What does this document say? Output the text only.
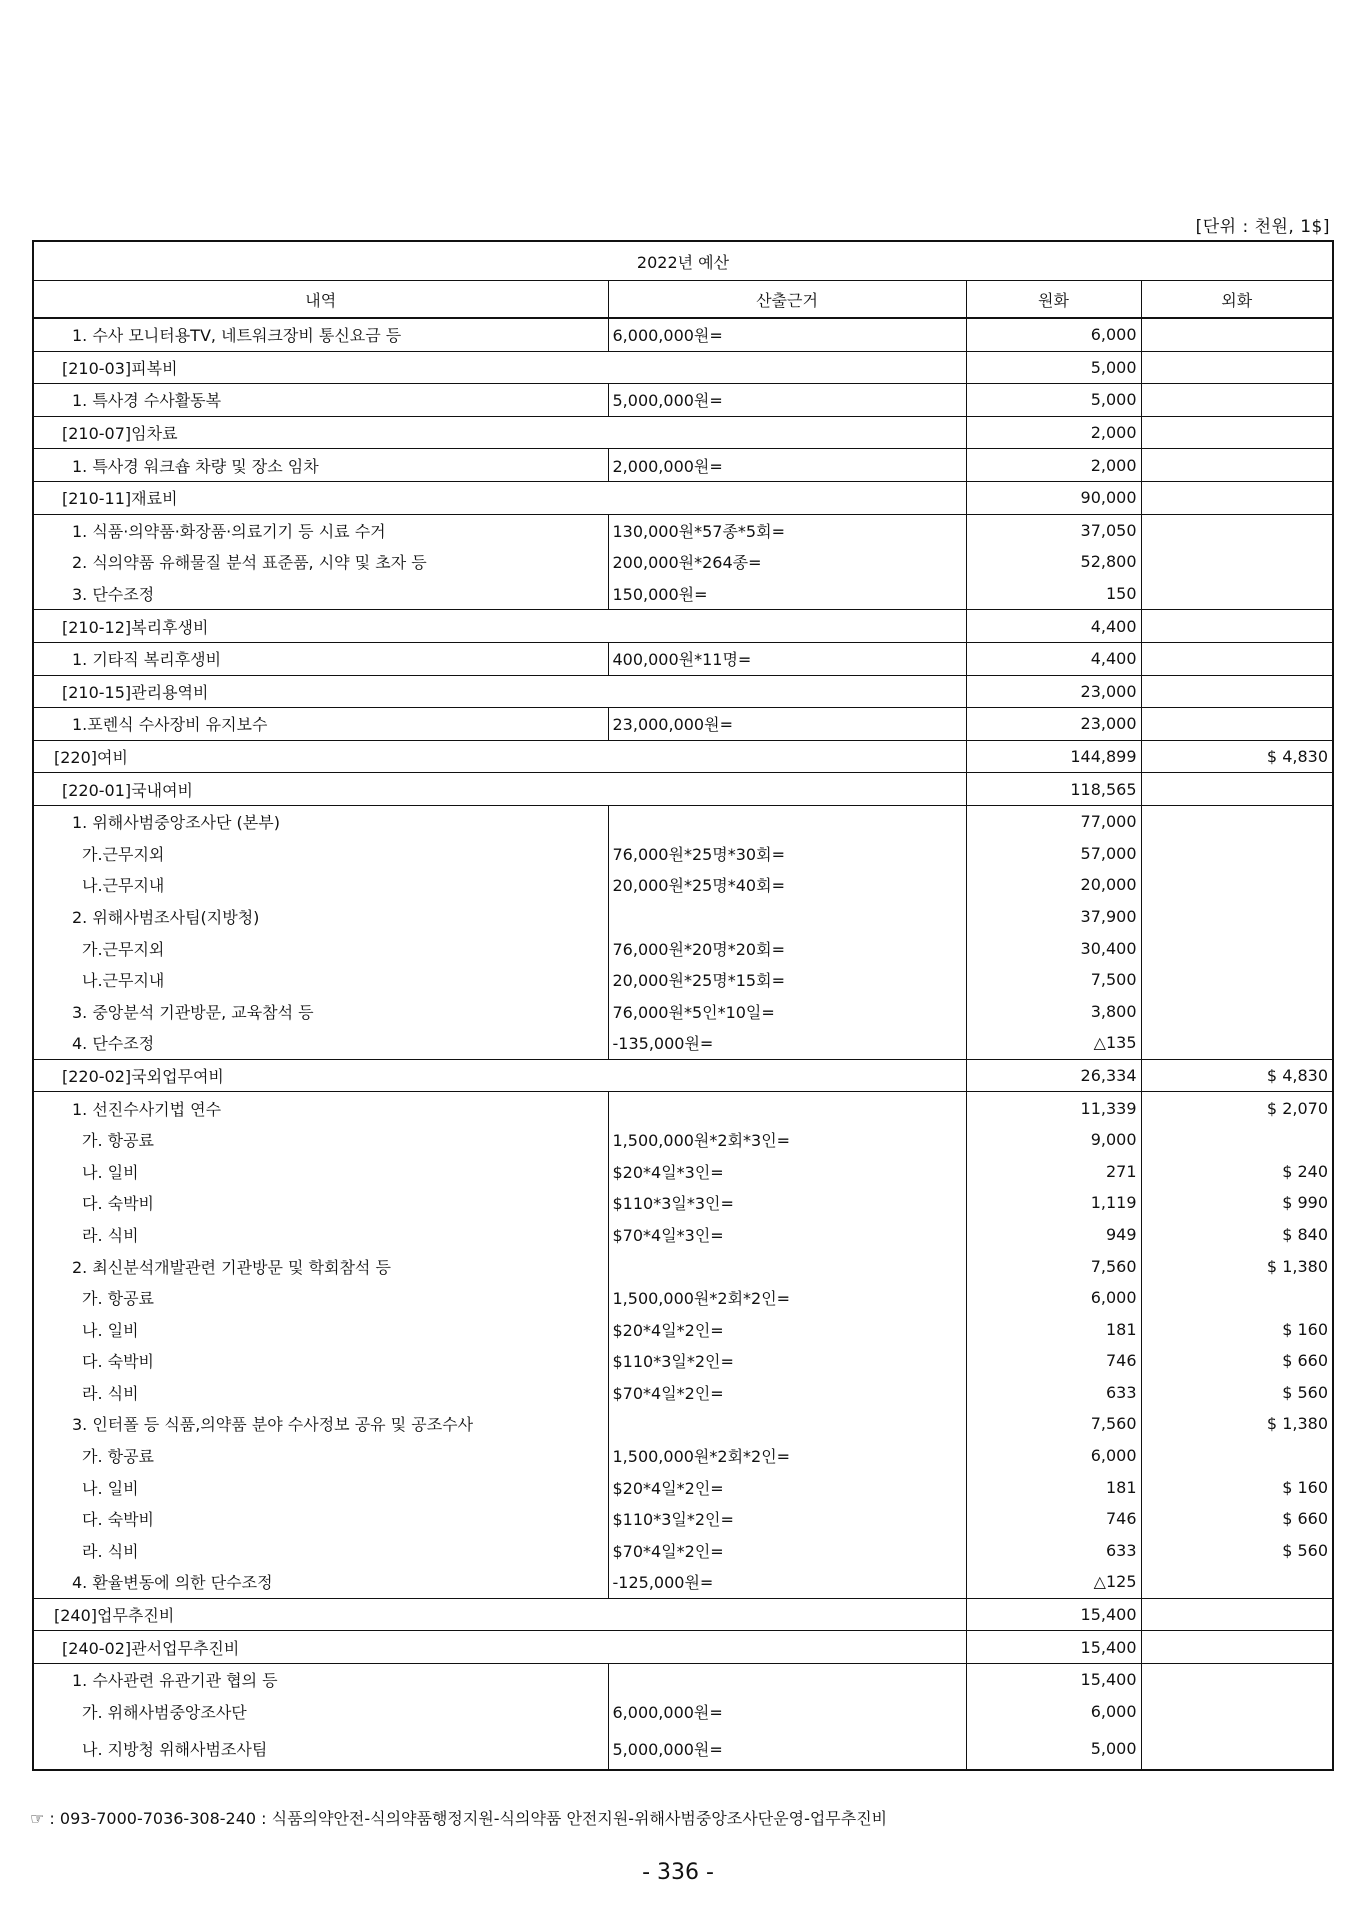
[단위 : 천원, 1$]
2022년 예산			
내역	산출근거	원화	외화
1. 수사 모니터용TV, 네트워크장비 통신요금 등	6,000,000원=	6,000	
[210-03]피복비		5,000	
1. 특사경 수사활동복	5,000,000원=	5,000	
[210-07]임차료		2,000	
1. 특사경 워크숍 차량 및 장소 임차	2,000,000원=	2,000	
[210-11]재료비		90,000	
1. 식품·의약품·화장품·의료기기 등 시료 수거	130,000원*57종*5회=	37,050	
2. 식의약품 유해물질 분석 표준품, 시약 및 초자 등	200,000원*264종=	52,800	
3. 단수조정	150,000원=	150	
[210-12]복리후생비		4,400	
1. 기타직 복리후생비	400,000원*11명=	4,400	
[210-15]관리용역비		23,000	
1.포렌식 수사장비 유지보수	23,000,000원=	23,000	
[220]여비		144,899	$ 4,830
[220-01]국내여비		118,565	
1. 위해사범중앙조사단 (본부)		77,000	
가.근무지외	76,000원*25명*30회=	57,000	
나.근무지내	20,000원*25명*40회=	20,000	
2. 위해사범조사팀(지방청)		37,900	
가.근무지외	76,000원*20명*20회=	30,400	
나.근무지내	20,000원*25명*15회=	7,500	
3. 중앙분석 기관방문, 교육참석 등	76,000원*5인*10일=	3,800	
4. 단수조정	-135,000원=	△135	
[220-02]국외업무여비		26,334	$ 4,830
1. 선진수사기법 연수		11,339	$ 2,070
가. 항공료	1,500,000원*2회*3인=	9,000	
나. 일비	$20*4일*3인=	271	$ 240
다. 숙박비	$110*3일*3인=	1,119	$ 990
라. 식비	$70*4일*3인=	949	$ 840
2. 최신분석개발관련 기관방문 및 학회참석 등		7,560	$ 1,380
가. 항공료	1,500,000원*2회*2인=	6,000	
나. 일비	$20*4일*2인=	181	$ 160
다. 숙박비	$110*3일*2인=	746	$ 660
라. 식비	$70*4일*2인=	633	$ 560
3. 인터폴 등 식품,의약품 분야 수사정보 공유 및 공조수사		7,560	$ 1,380
가. 항공료	1,500,000원*2회*2인=	6,000	
나. 일비	$20*4일*2인=	181	$ 160
다. 숙박비	$110*3일*2인=	746	$ 660
라. 식비	$70*4일*2인=	633	$ 560
4. 환율변동에 의한 단수조정	-125,000원=	△125	
[240]업무추진비		15,400	
[240-02]관서업무추진비		15,400	
1. 수사관련 유관기관 협의 등		15,400	
가. 위해사범중앙조사단	6,000,000원=	6,000	
나. 지방청 위해사범조사팀	5,000,000원=	5,000	
☞ : 093-7000-7036-308-240 : 식품의약안전-식의약품행정지원-식의약품 안전지원-위해사범중앙조사단운영-업무추진비
- 336 -
